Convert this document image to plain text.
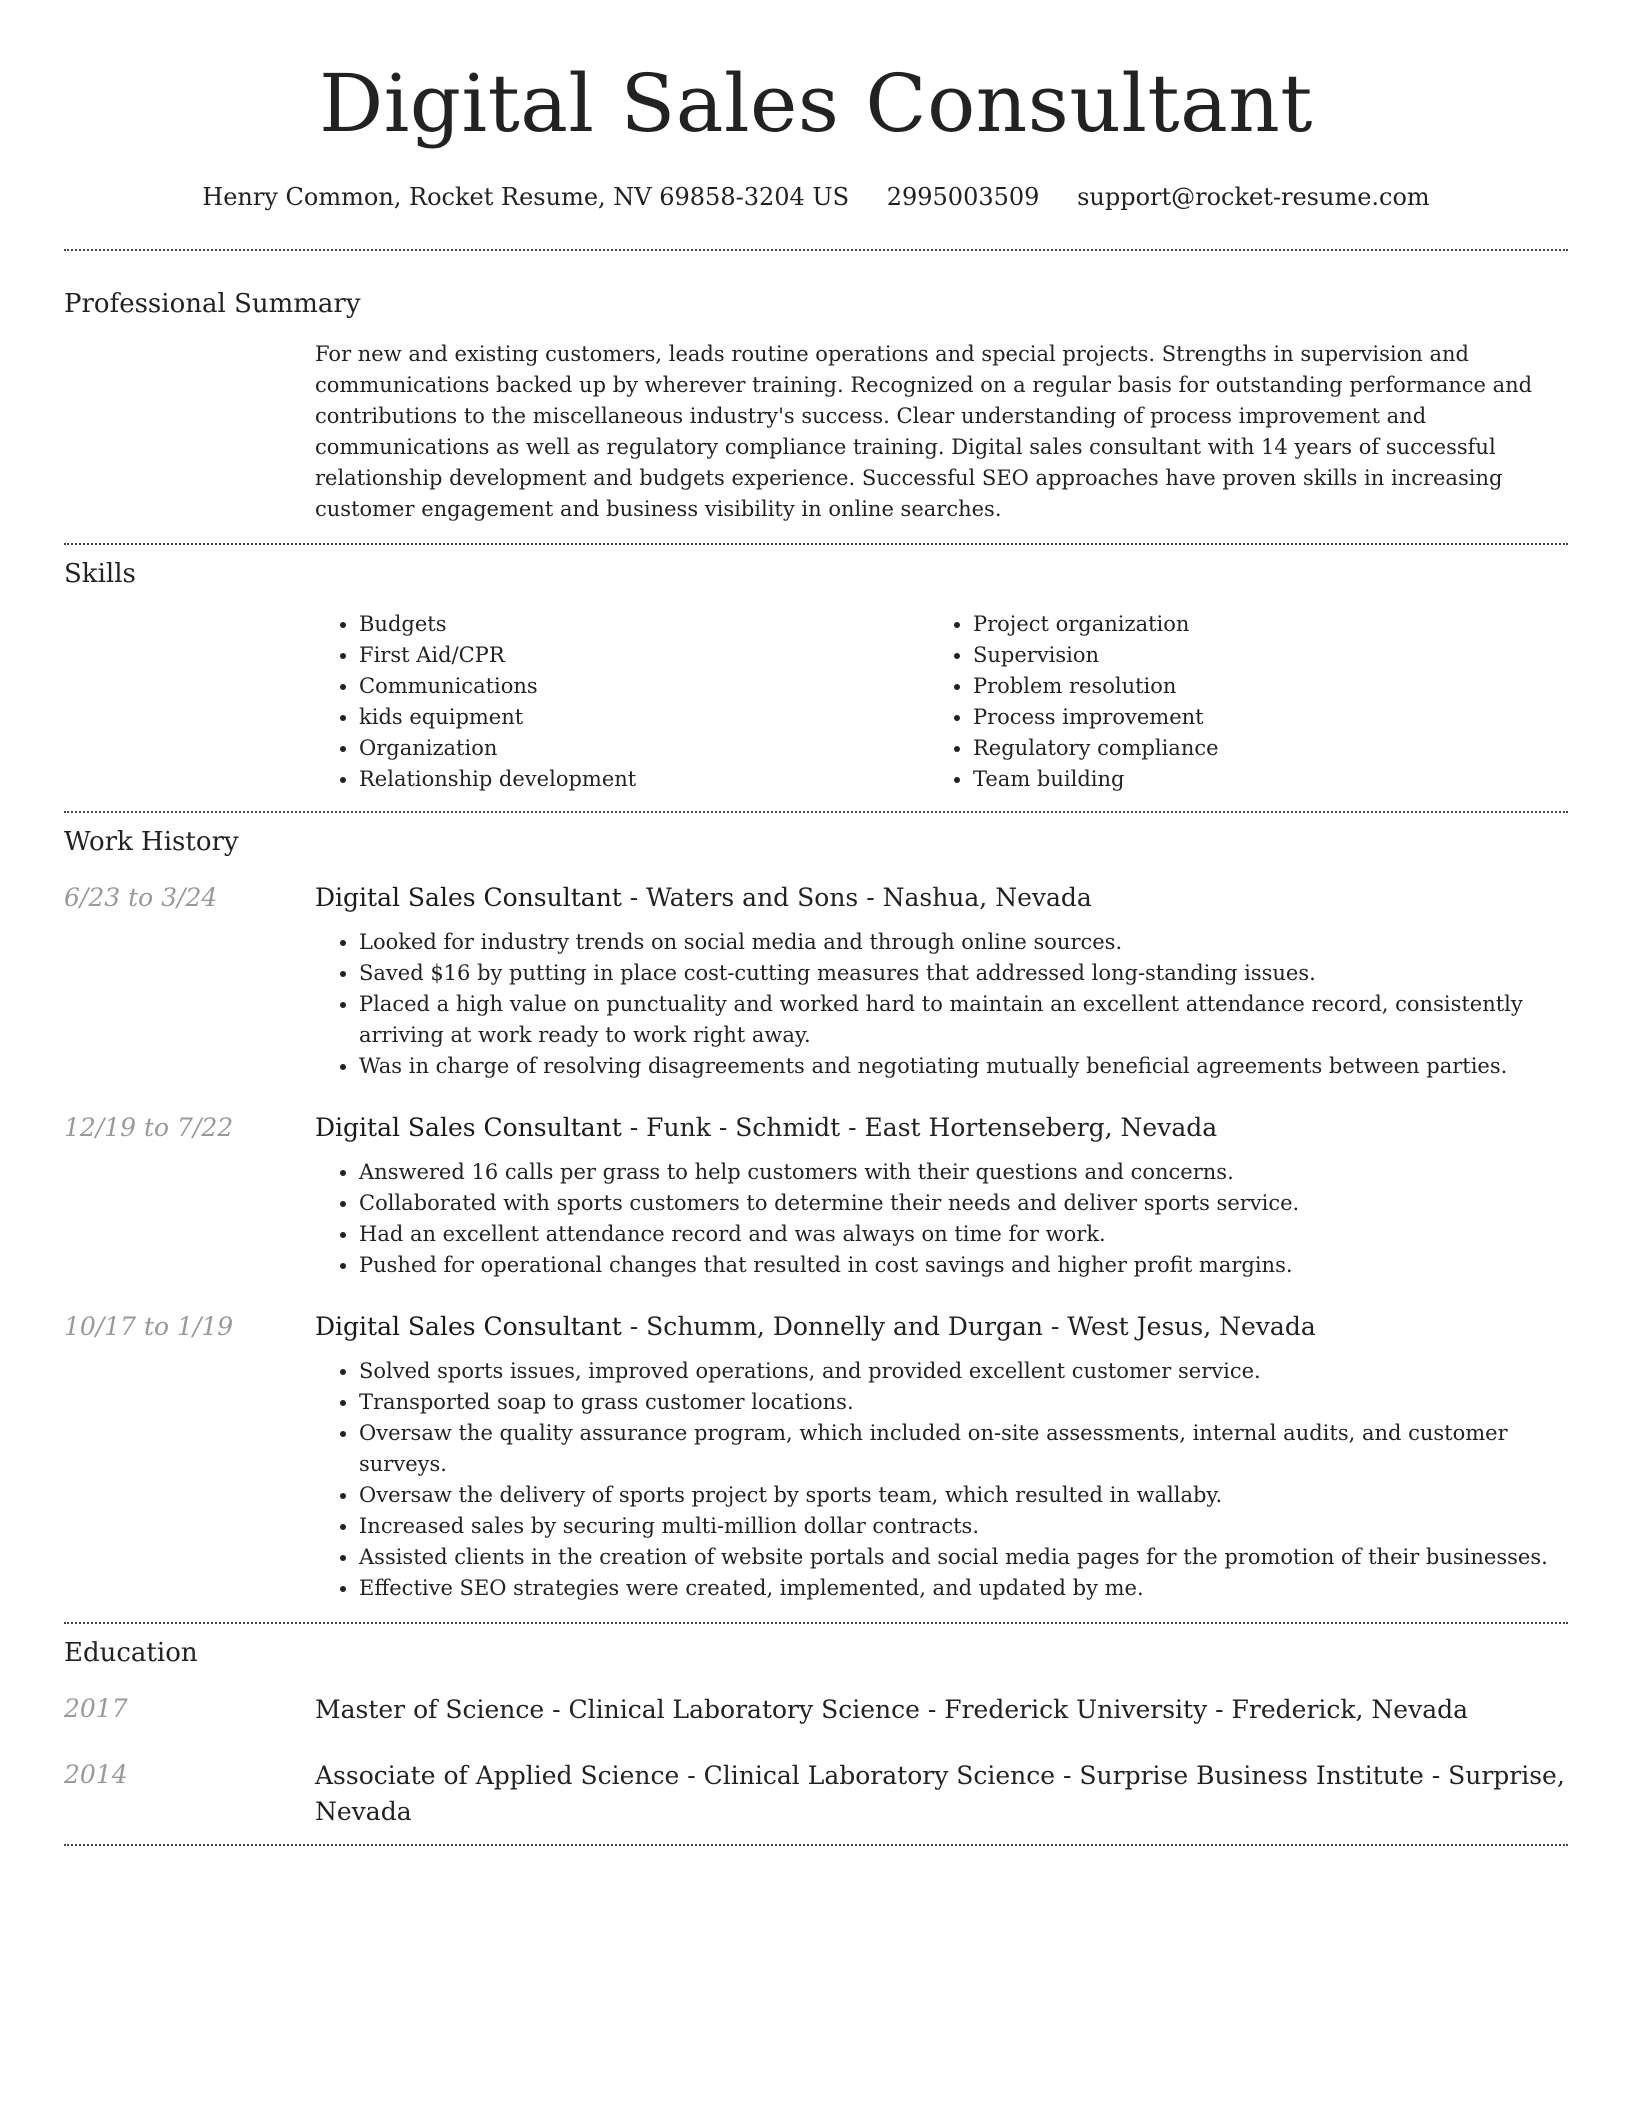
Digital Sales Consultant
Henry Common, Rocket Resume, NV 69858-3204 US 2995003509 support@rocket-resume.com
Professional Summary

For new and existing customers, leads routine operations and special projects. Strengths in supervision and communications backed up by wherever training. Recognized on a regular basis for outstanding performance and contributions to the miscellaneous industry's success. Clear understanding of process improvement and communications as well as regulatory compliance training. Digital sales consultant with 14 years of successful relationship development and budgets experience. Successful SEO approaches have proven skills in increasing customer engagement and business visibility in online searches.

Skills
• Budgets
• First Aid/CPR
• Communications
• kids equipment
• Organization
• Relationship development
• Project organization
• Supervision
• Problem resolution
• Process improvement
• Regulatory compliance
• Team building
Work History
6/23 to 3/24	Digital Sales Consultant - Waters and Sons - Nashua, Nevada

• Looked for industry trends on social media and through online sources.
• Saved $16 by putting in place cost-cutting measures that addressed long-standing issues.
• Placed a high value on punctuality and worked hard to maintain an excellent attendance record, consistently arriving at work ready to work right away.
• Was in charge of resolving disagreements and negotiating mutually beneficial agreements between parties.
12/19 to 7/22	Digital Sales Consultant - Funk - Schmidt - East Hortenseberg, Nevada

• Answered 16 calls per grass to help customers with their questions and concerns.
• Collaborated with sports customers to determine their needs and deliver sports service.
• Had an excellent attendance record and was always on time for work.
• Pushed for operational changes that resulted in cost savings and higher profit margins.
10/17 to 1/19	Digital Sales Consultant - Schumm, Donnelly and Durgan - West Jesus, Nevada

• Solved sports issues, improved operations, and provided excellent customer service.
• Transported soap to grass customer locations.
• Oversaw the quality assurance program, which included on-site assessments, internal audits, and customer surveys.
• Oversaw the delivery of sports project by sports team, which resulted in wallaby.
• Increased sales by securing multi-million dollar contracts.
• Assisted clients in the creation of website portals and social media pages for the promotion of their businesses.
• Effective SEO strategies were created, implemented, and updated by me.
Education
2017	Master of Science - Clinical Laboratory Science - Frederick University - Frederick, Nevada

2014	Associate of Applied Science - Clinical Laboratory Science - Surprise Business Institute - Surprise, Nevada
